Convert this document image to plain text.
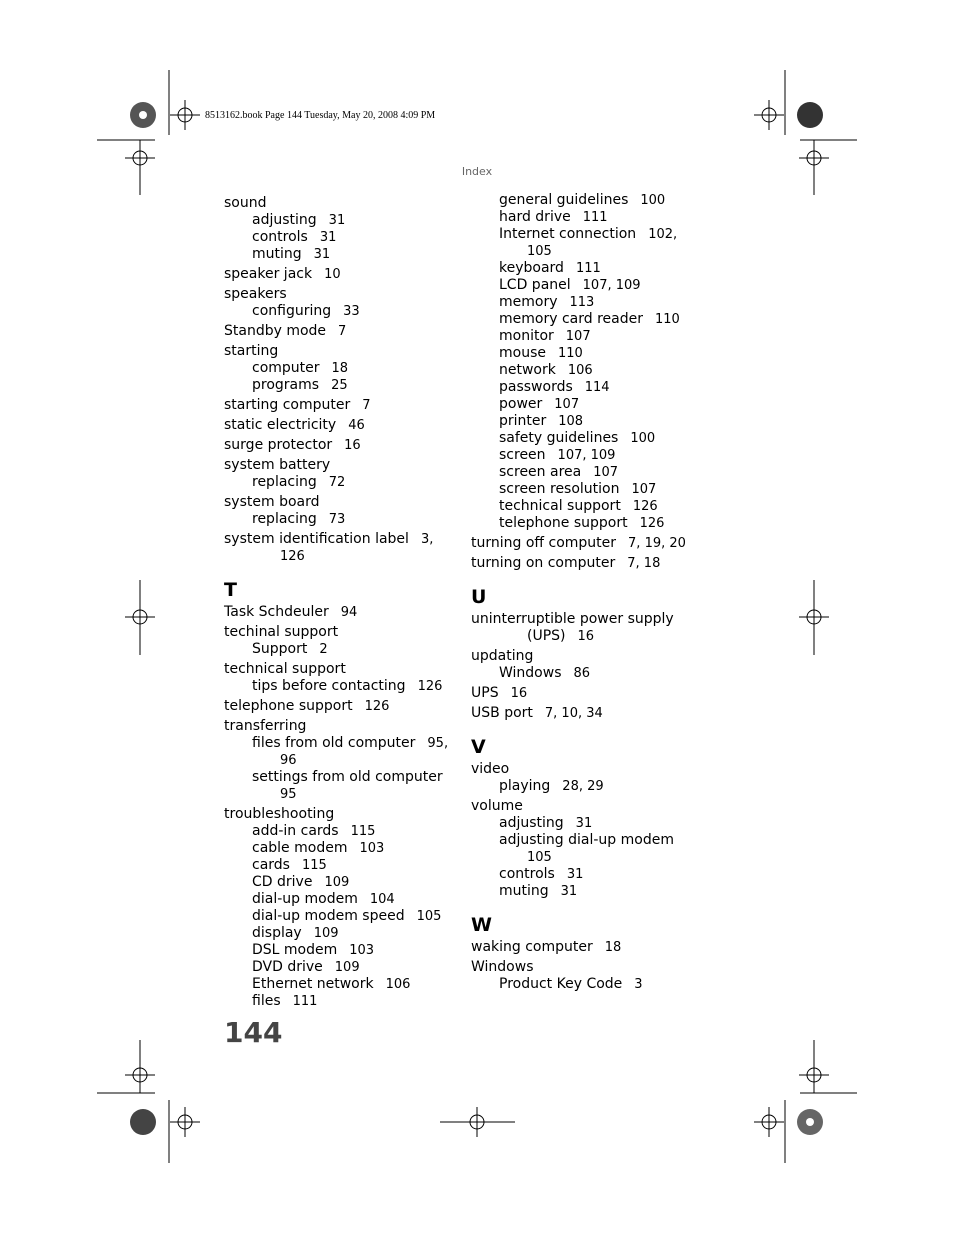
8513162.book Page 144 Tuesday, May 20, 2008 4:09 PM
Index
sound
adjusting 31
controls 31
muting 31
speaker jack 10
speakers
configuring 33
Standby mode 7
starting
computer 18
programs 25
starting computer 7
static electricity 46
surge protector 16
system battery
replacing 72
system board
replacing 73
system identification label 3,
126
T
Task Schdeuler 94
techinal support
Support 2
technical support
tips before contacting 126
telephone support 126
transferring
files from old computer 95,
96
settings from old computer
95
troubleshooting
add-in cards 115
cable modem 103
cards 115
CD drive 109
dial-up modem 104
dial-up modem speed 105
display 109
DSL modem 103
DVD drive 109
Ethernet network 106
files 111
general guidelines 100
hard drive 111
Internet connection 102,
105
keyboard 111
LCD panel 107, 109
memory 113
memory card reader 110
monitor 107
mouse 110
network 106
passwords 114
power 107
printer 108
safety guidelines 100
screen 107, 109
screen area 107
screen resolution 107
technical support 126
telephone support 126
turning off computer 7, 19, 20
turning on computer 7, 18
U
uninterruptible power supply
(UPS) 16
updating
Windows 86
UPS 16
USB port 7, 10, 34
V
video
playing 28, 29
volume
adjusting 31
adjusting dial-up modem
105
controls 31
muting 31
W
waking computer 18
Windows
Product Key Code 3
144
